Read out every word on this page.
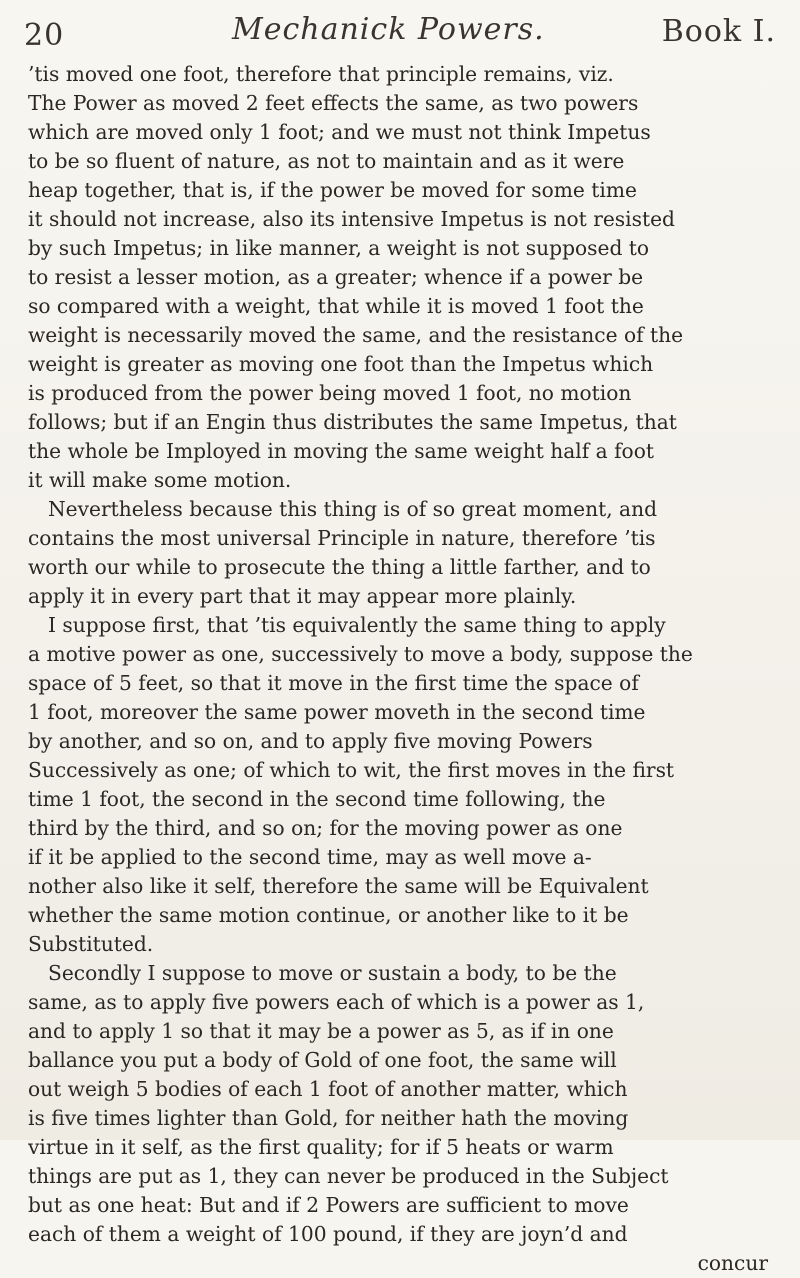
20	Mechanick Powers.	Book I.
’tis moved one foot, therefore that principle remains, viz.
The Power as moved 2 feet effects the same, as two powers
which are moved only 1 foot; and we must not think Impetus
to be so fluent of nature, as not to maintain and as it were
heap together, that is, if the power be moved for some time
it should not increase, also its intensive Impetus is not resisted
by such Impetus; in like manner, a weight is not supposed to
to resist a lesser motion, as a greater; whence if a power be
so compared with a weight, that while it is moved 1 foot the
weight is necessarily moved the same, and the resistance of the
weight is greater as moving one foot than the Impetus which
is produced from the power being moved 1 foot, no motion
follows; but if an Engin thus distributes the same Impetus, that
the whole be Imployed in moving the same weight half a foot
it will make some motion.
Nevertheless because this thing is of so great moment, and
contains the most universal Principle in nature, therefore ’tis
worth our while to prosecute the thing a little farther, and to
apply it in every part that it may appear more plainly.
I suppose first, that ’tis equivalently the same thing to apply
a motive power as one, successively to move a body, suppose the
space of 5 feet, so that it move in the first time the space of
1 foot, moreover the same power moveth in the second time
by another, and so on, and to apply five moving Powers
Successively as one; of which to wit, the first moves in the first
time 1 foot, the second in the second time following, the
third by the third, and so on; for the moving power as one
if it be applied to the second time, may as well move a-
nother also like it self, therefore the same will be Equivalent
whether the same motion continue, or another like to it be
Substituted.
Secondly I suppose to move or sustain a body, to be the
same, as to apply five powers each of which is a power as 1,
and to apply 1 so that it may be a power as 5, as if in one
ballance you put a body of Gold of one foot, the same will
out weigh 5 bodies of each 1 foot of another matter, which
is five times lighter than Gold, for neither hath the moving
virtue in it self, as the first quality; for if 5 heats or warm
things are put as 1, they can never be produced in the Subject
but as one heat: But and if 2 Powers are sufficient to move
each of them a weight of 100 pound, if they are joyn’d and
concur
